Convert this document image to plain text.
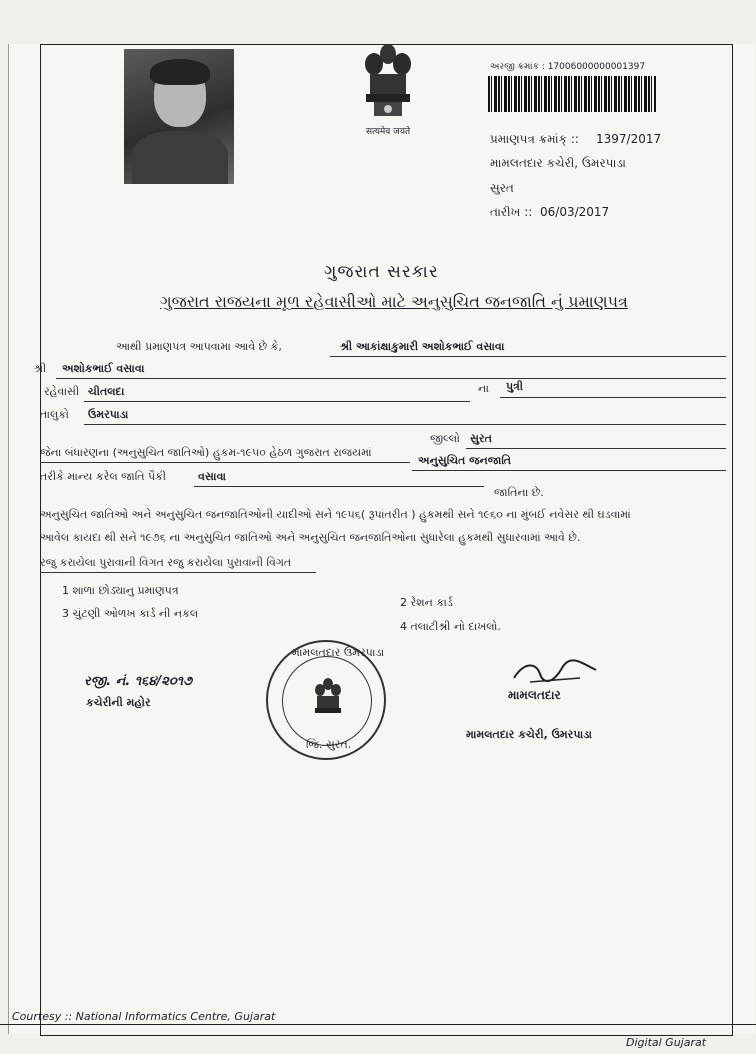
सत्यमेव जयते
અરજી ક્રમાંક : 17006000000001397
પ્રમાણપત્ર ક્રમાંક્ :: 1397/2017
મામલતદાર કચેરી, ઉમરપાડા
સુરત
તારીખ :: 06/03/2017
ગુજરાત સરકાર
ગુજરાત રાજયના મૂળ રહેવાસીઓ માટે અનુસુચિત જનજાતિ નું પ્રમાણપત્ર
આથી પ્રમાણપત્ર આપવામા આવે છે કે,	શ્રી આકાંક્ષાકુમારી અશોકભાઈ વસાવા
શ્રી અશોકભાઈ વસાવા
રહેવાસી ચીતલદા	ના પુત્રી
તાલુકો ઉમરપાડા
જીલ્લો સુરત
જેના બંધારણના (અનુસુચિત જાતિઓ) હુકમ-૧૯૫૦ હેઠળ ગુજરાત રાજયમાં
અનુસુચિત જનજાતિ
તરીકે માન્ય કરેલ જાતિ પૈકી	વસાવા
જાતિના છે.
અનુસુચિત જાતિઓ અને અનુસુચિત જનજાતિઓની યાદીઓ સને ૧૯૫૬( રૂપાંતરીત ) હુકમથી સને ૧૯૬૦ ના મુંબઈ નવેસર થી ઘડવામાં
આવેલ કાયદા થી સને ૧૯૭૬ ના અનુસુચિત જાતિઓ અને અનુસુચિત જનજાતિઓના સુધારેલા હુકમથી સુધારવામાં આવે છે.
રજુ કરાયેલા પુરાવાની વિગત રજુ કરાયેલા પુરાવાની વિગત
1 શાળા છોડ્યાનુ પ્રમાણપત્ર
2 રેશન કાર્ડ
3 ચુંટણી ઓળખ કાર્ડ ની નકલ
4 તલાટીશ્રી નો દાખલો.
રજી. નં. ૧૬૪/૨૦૧૭
કચેરીની મહોર
મામલતદાર ઉમરપાડા
જિ. સુરત.
મામલતદાર
મામલતદાર કચેરી, ઉમરપાડા
Courtesy :: National Informatics Centre, Gujarat
Digital Gujarat
